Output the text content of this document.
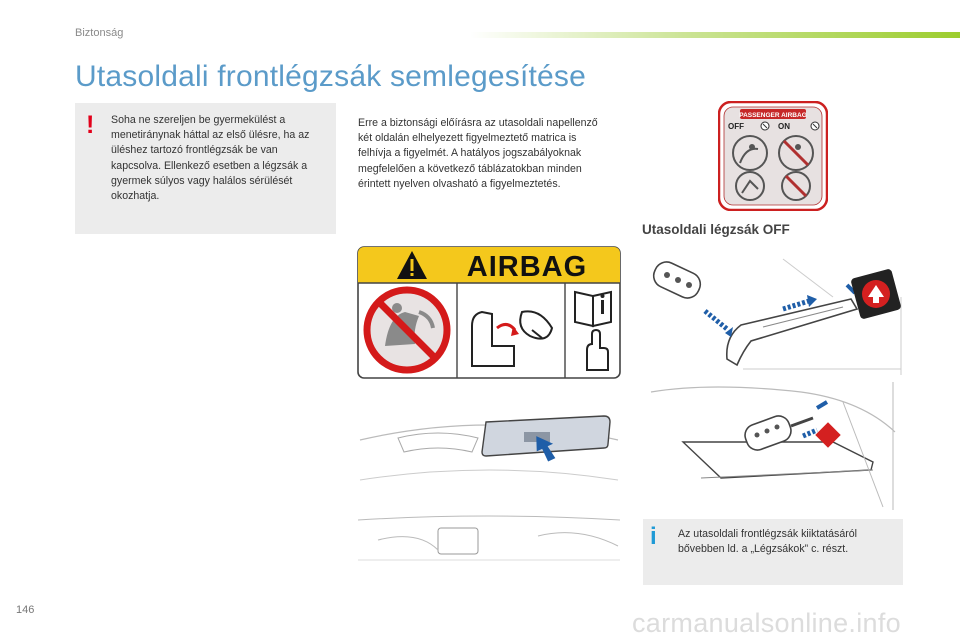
Biztonság
Utasoldali frontlégzsák semlegesítése
! Soha ne szereljen be gyermekülést a menetiránynak háttal az első ülésre, ha az üléshez tartozó frontlégzsák be van kapcsolva. Ellenkező esetben a légzsák a gyermek súlyos vagy halálos sérülését okozhatja.
Erre a biztonsági előírásra az utasoldali napellenző két oldalán elhelyezett figyelmeztető matrica is felhívja a figyelmét. A hatályos jogszabályoknak megfelelően a következő táblázatokban minden érintett nyelven olvasható a figyelmeztetés.
PASSENGER AIRBAG
OFF	ON
AIRBAG
Utasoldali légzsák OFF
i Az utasoldali frontlégzsák kiiktatásáról bővebben ld. a „Légzsákok” c. részt.
146	carmanualsonline.info
